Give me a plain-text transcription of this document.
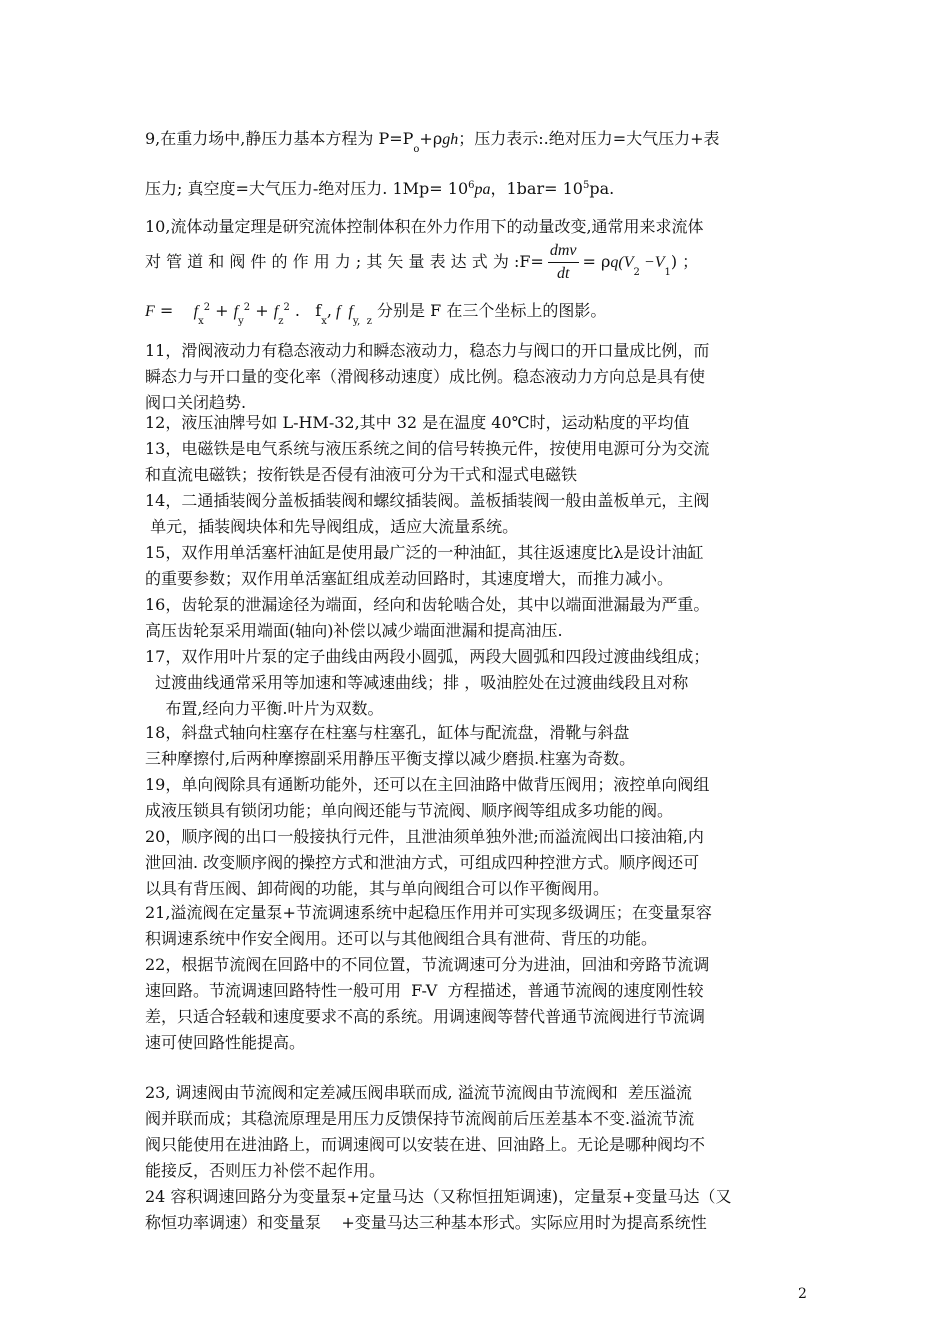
9,在重力场中,静压力基本方程为 $P=P_o+\rho gh$；压力表示:.绝对压力=大气压力+表
压力; 真空度=大气压力-绝对压力. $1Mp= 10^6pa$，$1bar= 10^5pa$.
10,流体动量定理是研究流体控制体积在外力作用下的动量改变,通常用来求流体
对 管 道 和 阀 件 的 作 用 力 ; 其 矢 量 表 达 式 为 :F= $\frac{\text{dmv}}{dt} = \rho q(V_2 -V_1)$ ；
F =    $f_x^2 + f_y^2 + f_z^2$ .   $f_x$, f  $f_{y, z}$ 分别是 F 在三个坐标上的图影。
11，滑阀液动力有稳态液动力和瞬态液动力，稳态力与阀口的开口量成比例，而
瞬态力与开口量的变化率（滑阀移动速度）成比例。稳态液动力方向总是具有使
阀口关闭趋势.
12，液压油牌号如 L-HM-32,其中 32 是在温度 40℃时，运动粘度的平均值
13，电磁铁是电气系统与液压系统之间的信号转换元件，按使用电源可分为交流
和直流电磁铁；按衔铁是否侵有油液可分为干式和湿式电磁铁
14，二通插装阀分盖板插装阀和螺纹插装阀。盖板插装阀一般由盖板单元，主阀
单元，插装阀块体和先导阀组成，适应大流量系统。
15，双作用单活塞杆油缸是使用最广泛的一种油缸，其往返速度比λ是设计油缸
的重要参数；双作用单活塞缸组成差动回路时，其速度增大，而推力减小。
16，齿轮泵的泄漏途径为端面，经向和齿轮啮合处，其中以端面泄漏最为严重。
高压齿轮泵采用端面(轴向)补偿以减少端面泄漏和提高油压.
17，双作用叶片泵的定子曲线由两段小圆弧，两段大圆弧和四段过渡曲线组成；
过渡曲线通常采用等加速和等减速曲线；排 ，吸油腔处在过渡曲线段且对称
布置,经向力平衡.叶片为双数。
18，斜盘式轴向柱塞存在柱塞与柱塞孔，缸体与配流盘，滑靴与斜盘
三种摩擦付,后两种摩擦副采用静压平衡支撑以减少磨损.柱塞为奇数。
19，单向阀除具有通断功能外，还可以在主回油路中做背压阀用；液控单向阀组
成液压锁具有锁闭功能；单向阀还能与节流阀、顺序阀等组成多功能的阀。
20，顺序阀的出口一般接执行元件，且泄油须单独外泄;而溢流阀出口接油箱,内
泄回油. 改变顺序阀的操控方式和泄油方式，可组成四种控泄方式。顺序阀还可
以具有背压阀、卸荷阀的功能，其与单向阀组合可以作平衡阀用。
21,溢流阀在定量泵+节流调速系统中起稳压作用并可实现多级调压；在变量泵容
积调速系统中作安全阀用。还可以与其他阀组合具有泄荷、背压的功能。
22，根据节流阀在回路中的不同位置，节流调速可分为进油，回油和旁路节流调
速回路。节流调速回路特性一般可用  F-V  方程描述，普通节流阀的速度刚性较
差，只适合轻载和速度要求不高的系统。用调速阀等替代普通节流阀进行节流调
速可使回路性能提高。
23, 调速阀由节流阀和定差减压阀串联而成, 溢流节流阀由节流阀和  差压溢流
阀并联而成；其稳流原理是用压力反馈保持节流阀前后压差基本不变.溢流节流
阀只能使用在进油路上，而调速阀可以安装在进、回油路上。无论是哪种阀均不
能接反，否则压力补偿不起作用。
24 容积调速回路分为变量泵+定量马达（又称恒扭矩调速)，定量泵+变量马达（又
称恒功率调速）和变量泵    +变量马达三种基本形式。实际应用时为提高系统性
2
